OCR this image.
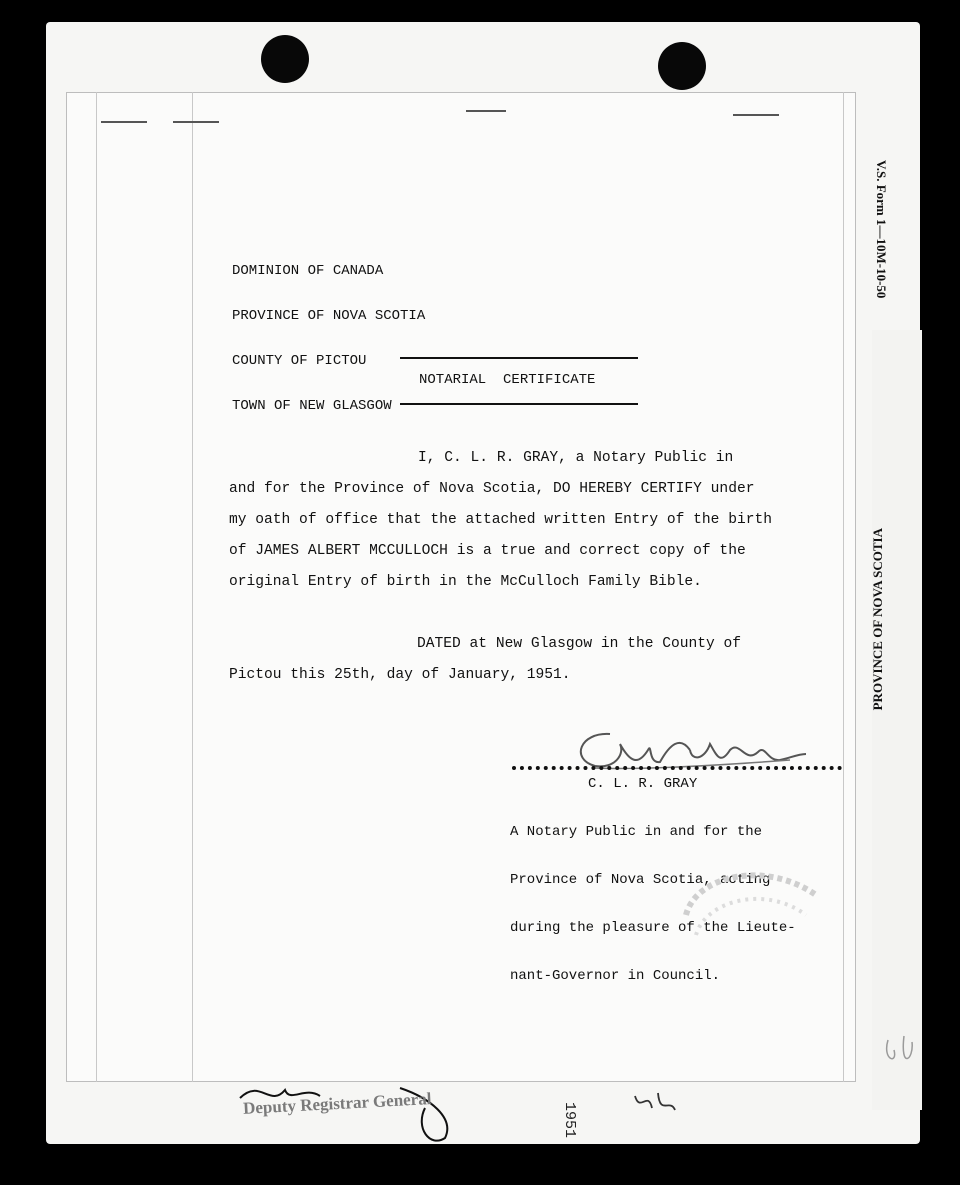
V.S. Form 1—10M-10-50
PROVINCE OF NOVA SCOTIA

DOMINION OF CANADA

PROVINCE OF NOVA SCOTIA

COUNTY OF PICTOU

TOWN OF NEW GLASGOW

NOTARIAL  CERTIFICATE
I, C. L. R. GRAY, a Notary Public in
and for the Province of Nova Scotia, DO HEREBY CERTIFY under
my oath of office that the attached written Entry of the birth
of JAMES ALBERT MCCULLOCH is a true and correct copy of the
original Entry of birth in the McCulloch Family Bible.
DATED at New Glasgow in the County of
Pictou this 25th, day of January, 1951.
C. L. R. GRAY

A Notary Public in and for the

Province of Nova Scotia, acting

during the pleasure of the Lieute-

nant-Governor in Council.

Deputy Registrar General	1951
